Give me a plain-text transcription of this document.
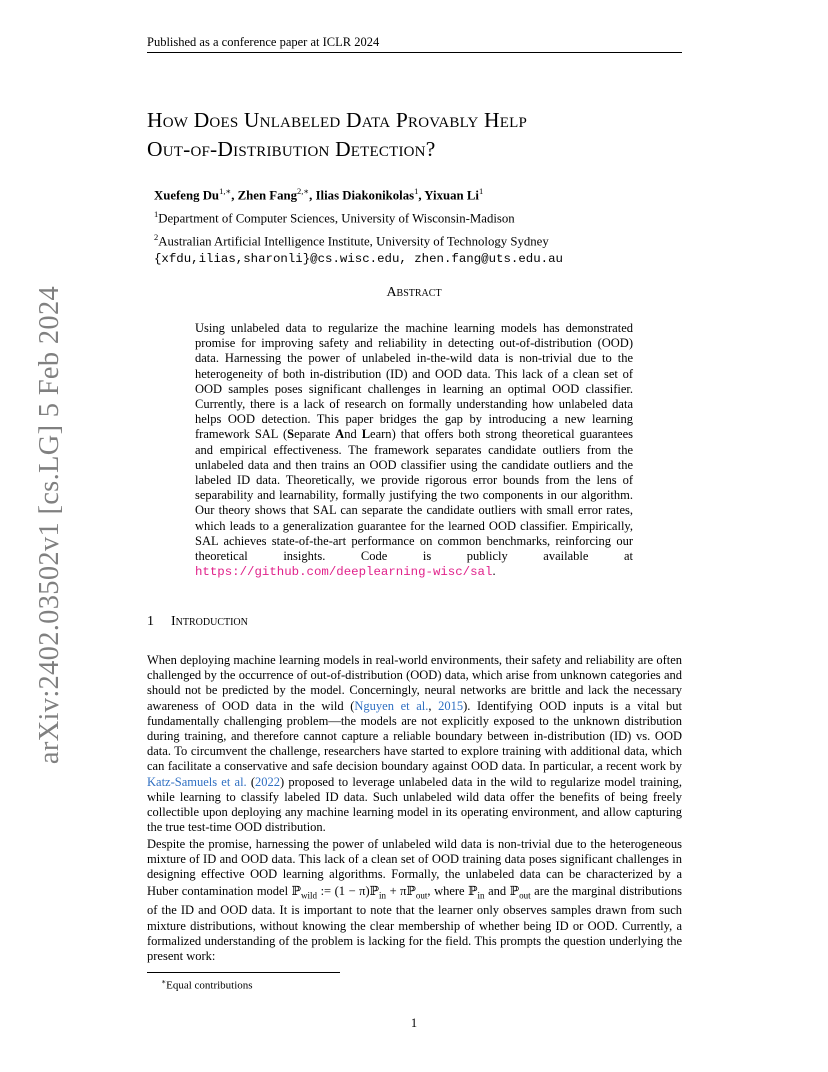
Published as a conference paper at ICLR 2024
arXiv:2402.03502v1 [cs.LG] 5 Feb 2024
How Does Unlabeled Data Provably Help
Out-of-Distribution Detection?
Xuefeng $Du^{1,∗}$, Zhen Fang$^{2,∗}$, Ilias Diakonikolas$^1$, Yixuan Li$^1$
$^1$Department of Computer Sciences, University of Wisconsin-Madison
$^2$Australian Artificial Intelligence Institute, University of Technology Sydney
{xfdu,ilias,sharonli}@cs.wisc.edu, zhen.fang@uts.edu.au
Abstract
Using unlabeled data to regularize the machine learning models has demonstrated promise for improving safety and reliability in detecting out-of-distribution (OOD) data. Harnessing the power of unlabeled in-the-wild data is non-trivial due to the heterogeneity of both in-distribution (ID) and OOD data. This lack of a clean set of OOD samples poses significant challenges in learning an optimal OOD classifier. Currently, there is a lack of research on formally understanding how unlabeled data helps OOD detection. This paper bridges the gap by introducing a new learning framework SAL (Separate And Learn) that offers both strong theoretical guarantees and empirical effectiveness. The framework separates candidate outliers from the unlabeled data and then trains an OOD classifier using the candidate outliers and the labeled ID data. Theoretically, we provide rigorous error bounds from the lens of separability and learnability, formally justifying the two components in our algorithm. Our theory shows that SAL can separate the candidate outliers with small error rates, which leads to a generalization guarantee for the learned OOD classifier. Empirically, SAL achieves state-of-the-art performance on common benchmarks, reinforcing our theoretical insights. Code is publicly available at https://github.com/deeplearning-wisc/sal.
1 Introduction
When deploying machine learning models in real-world environments, their safety and reliability are often challenged by the occurrence of out-of-distribution (OOD) data, which arise from unknown categories and should not be predicted by the model. Concerningly, neural networks are brittle and lack the necessary awareness of OOD data in the wild (Nguyen et al., 2015). Identifying OOD inputs is a vital but fundamentally challenging problem—the models are not explicitly exposed to the unknown distribution during training, and therefore cannot capture a reliable boundary between in-distribution (ID) vs. OOD data. To circumvent the challenge, researchers have started to explore training with additional data, which can facilitate a conservative and safe decision boundary against OOD data. In particular, a recent work by Katz-Samuels et al. (2022) proposed to leverage unlabeled data in the wild to regularize model training, while learning to classify labeled ID data. Such unlabeled wild data offer the benefits of being freely collectible upon deploying any machine learning model in its operating environment, and allow capturing the true test-time OOD distribution.
Despite the promise, harnessing the power of unlabeled wild data is non-trivial due to the heterogeneous mixture of ID and OOD data. This lack of a clean set of OOD training data poses significant challenges in designing effective OOD learning algorithms. Formally, the unlabeled data can be characterized by a Huber contamination model ℙ$_{wild}$ := (1 − π)ℙ$_{in}$ + πℙ$_{out}$, where ℙ$_{in}$ and ℙ$_{out}$ are the marginal distributions of the ID and OOD data. It is important to note that the learner only observes samples drawn from such mixture distributions, without knowing the clear membership of whether being ID or OOD. Currently, a formalized understanding of the problem is lacking for the field. This prompts the question underlying the present work:
∗Equal contributions
1
